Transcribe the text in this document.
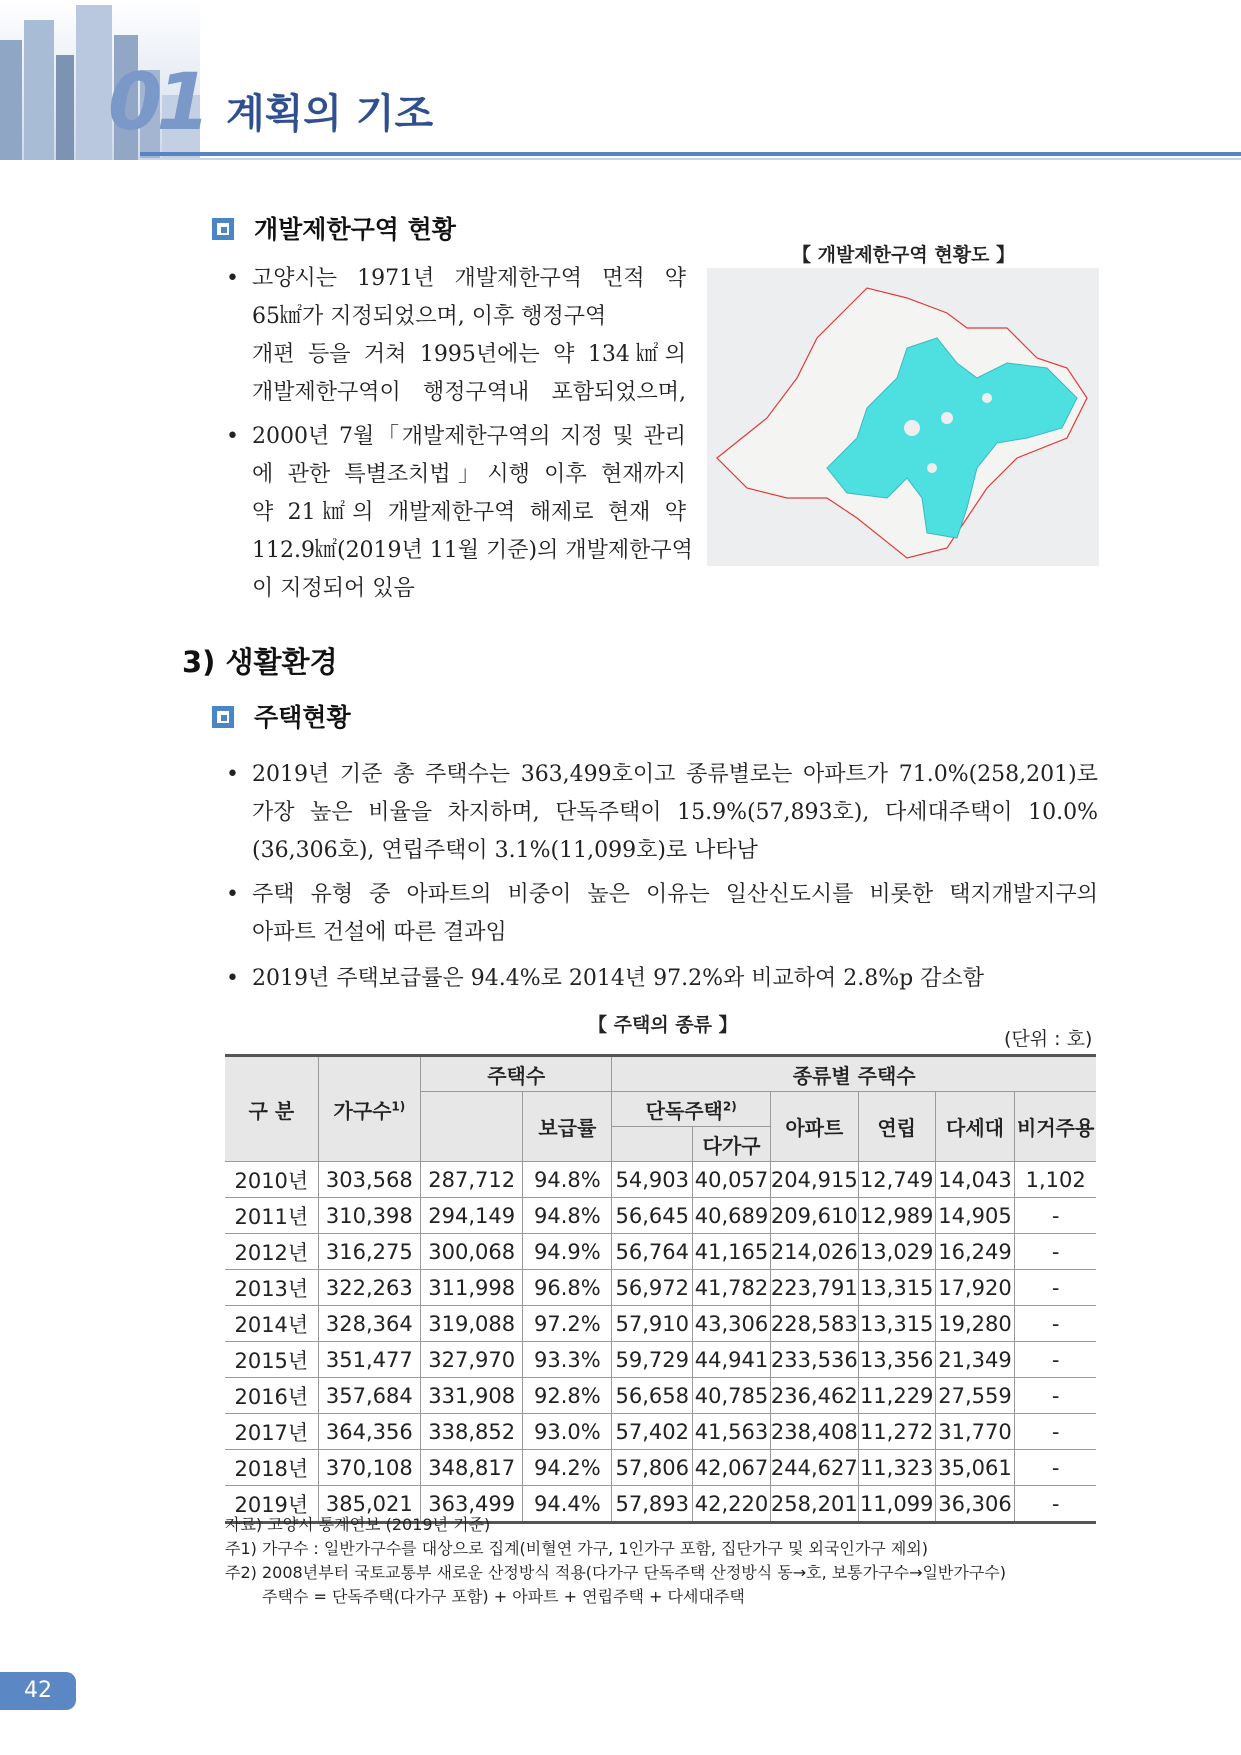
01 계획의 기조
개발제한구역 현황
• 고양시는 1971년 개발제한구역 면적 약
65㎢가 지정되었으며, 이후 행정구역
개편 등을 거쳐 1995년에는 약 134㎢의
개발제한구역이 행정구역내 포함되었으며,
• 2000년 7월「개발제한구역의 지정 및 관리
에 관한 특별조치법」시행 이후 현재까지
약 21㎢의 개발제한구역 해제로 현재 약
112.9㎢(2019년 11월 기준)의 개발제한구역
이 지정되어 있음
【 개발제한구역 현황도 】
3) 생활환경
주택현황
• 2019년 기준 총 주택수는 363,499호이고 종류별로는 아파트가 71.0%(258,201)로
가장 높은 비율을 차지하며, 단독주택이 15.9%(57,893호), 다세대주택이 10.0%
(36,306호), 연립주택이 3.1%(11,099호)로 나타남
• 주택 유형 중 아파트의 비중이 높은 이유는 일산신도시를 비롯한 택지개발지구의
아파트 건설에 따른 결과임
• 2019년 주택보급률은 94.4%로 2014년 97.2%와 비교하여 2.8%p 감소함
【 주택의 종류 】
(단위 : 호)
구 분	가구수$^{1)}$	주택수		종류별 주택수					
			보급률	단독주택$^{2)}$		아파트	연립	다세대	비거주용
					다가구				
2010년	303,568	287,712	94.8%	54,903	40,057	204,915	12,749	14,043	1,102
2011년	310,398	294,149	94.8%	56,645	40,689	209,610	12,989	14,905	-
2012년	316,275	300,068	94.9%	56,764	41,165	214,026	13,029	16,249	-
2013년	322,263	311,998	96.8%	56,972	41,782	223,791	13,315	17,920	-
2014년	328,364	319,088	97.2%	57,910	43,306	228,583	13,315	19,280	-
2015년	351,477	327,970	93.3%	59,729	44,941	233,536	13,356	21,349	-
2016년	357,684	331,908	92.8%	56,658	40,785	236,462	11,229	27,559	-
2017년	364,356	338,852	93.0%	57,402	41,563	238,408	11,272	31,770	-
2018년	370,108	348,817	94.2%	57,806	42,067	244,627	11,323	35,061	-
2019년	385,021	363,499	94.4%	57,893	42,220	258,201	11,099	36,306	-
자료) 고양시 통계연보 (2019년 기준)
주1) 가구수 : 일반가구수를 대상으로 집계(비혈연 가구, 1인가구 포함, 집단가구 및 외국인가구 제외)
주2) 2008년부터 국토교통부 새로운 산정방식 적용(다가구 단독주택 산정방식 동→호, 보통가구수→일반가구수)
주택수 = 단독주택(다가구 포함) + 아파트 + 연립주택 + 다세대주택
42
